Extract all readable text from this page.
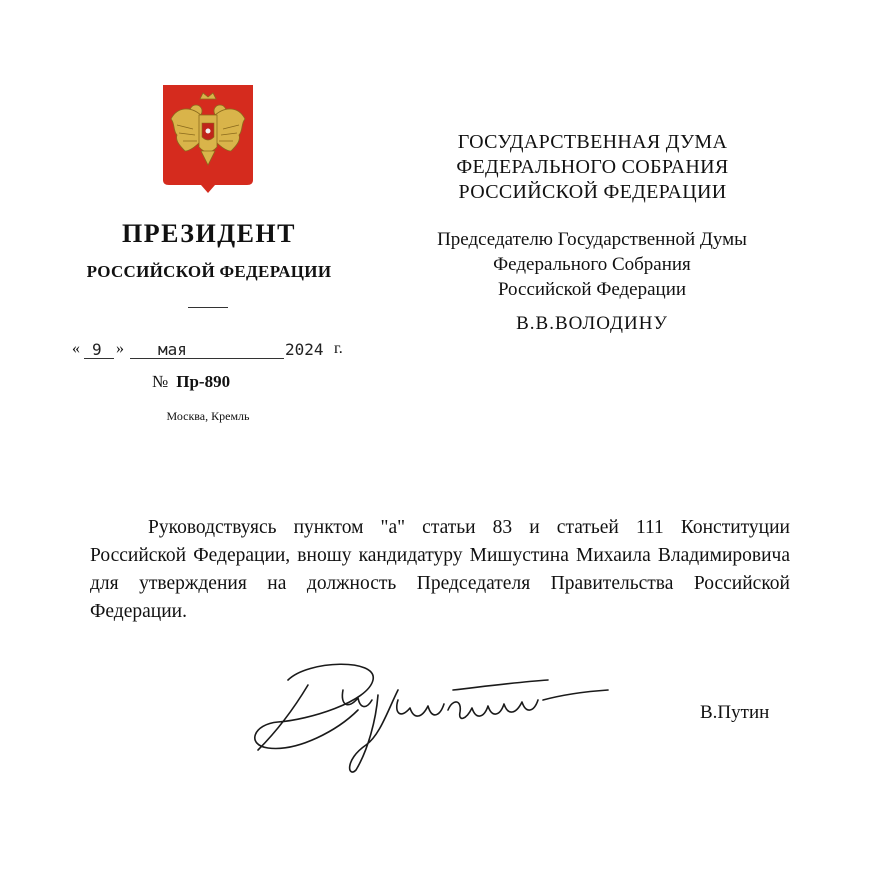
ПРЕЗИДЕНТ
РОССИЙСКОЙ ФЕДЕРАЦИИ
« 9 » мая	2024 г.
№ Пр-890
Москва, Кремль
ГОСУДАРСТВЕННАЯ ДУМА
ФЕДЕРАЛЬНОГО СОБРАНИЯ
РОССИЙСКОЙ ФЕДЕРАЦИИ
Председателю Государственной Думы
Федерального Собрания
Российской Федерации
В.В.ВОЛОДИНУ
Руководствуясь пунктом "а" статьи 83 и статьей 111 Конституции Российской Федерации, вношу кандидатуру Мишустина Михаила Владимировича для утверждения на должность Председателя Правительства Российской Федерации.
В.Путин
